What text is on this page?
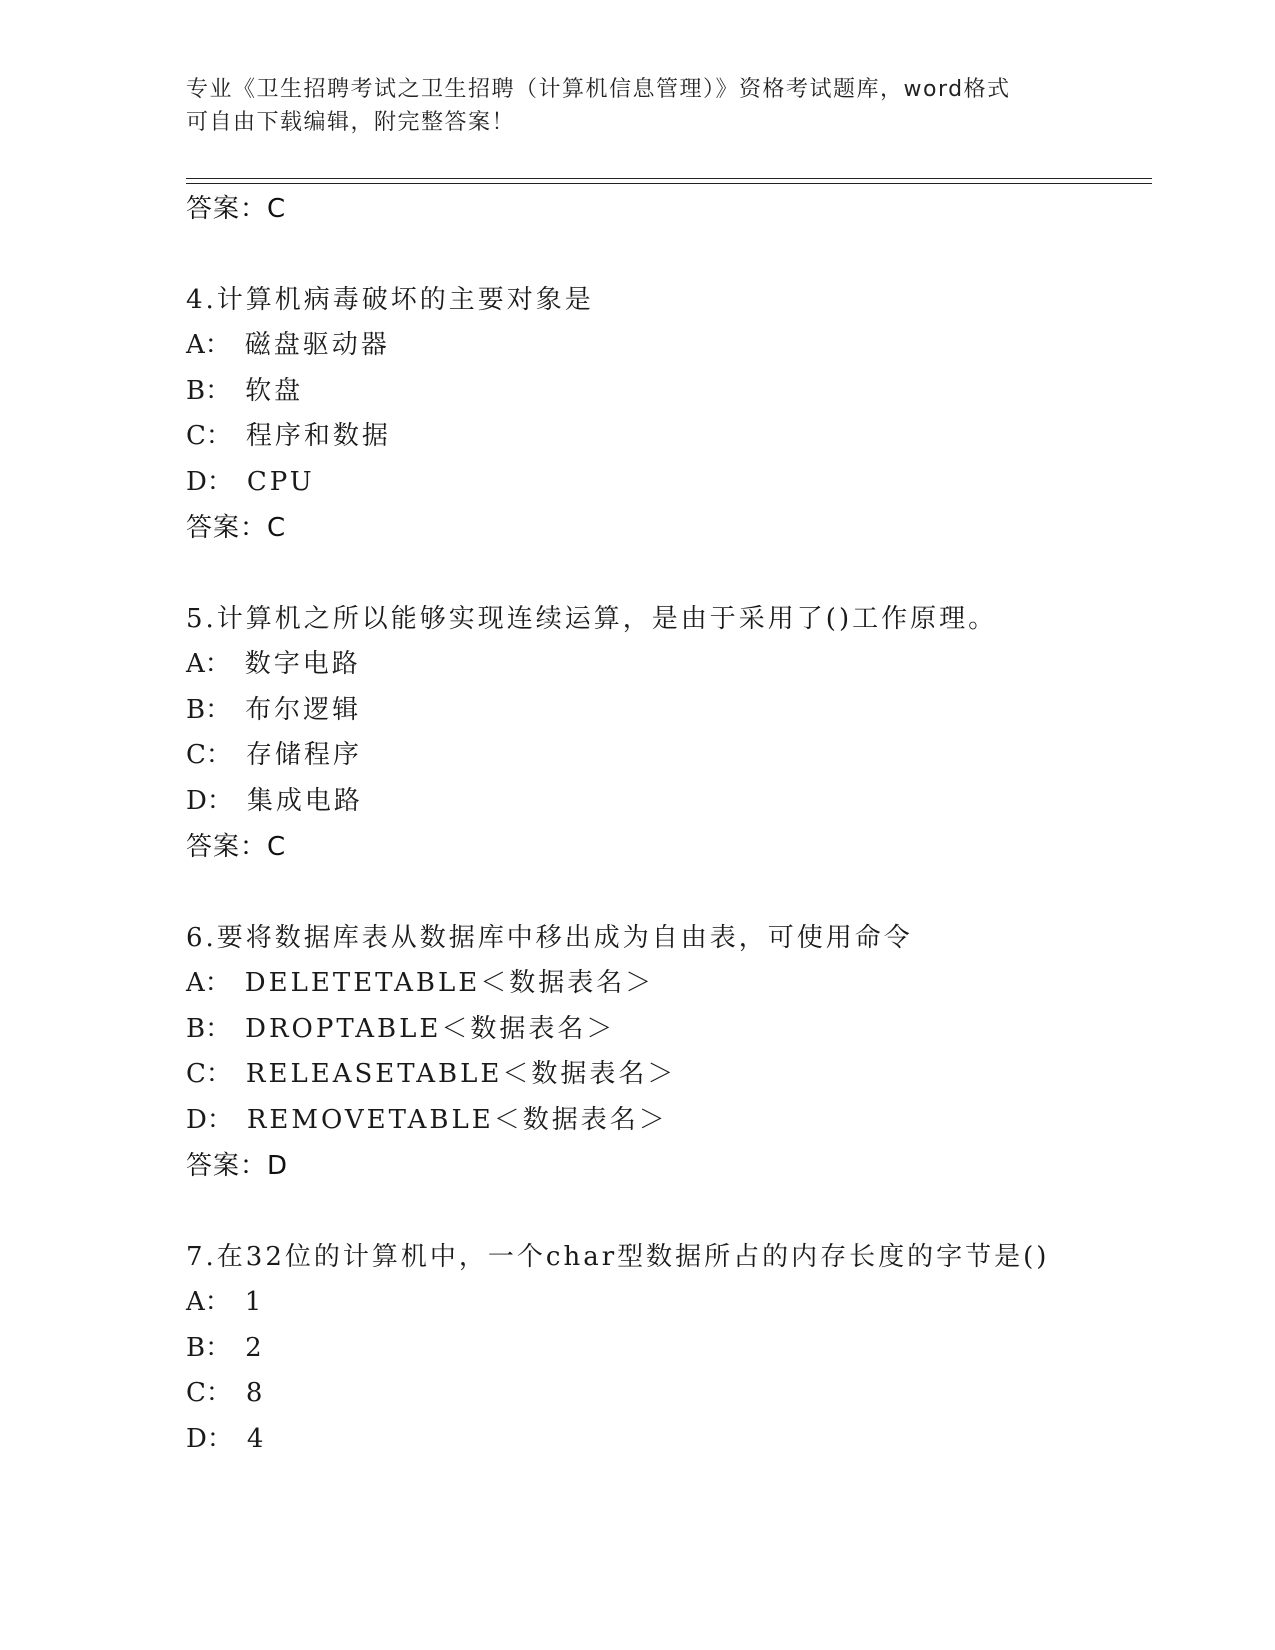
专业《卫生招聘考试之卫生招聘（计算机信息管理）》资格考试题库，word格式
可自由下载编辑，附完整答案！
答案：C
4.计算机病毒破坏的主要对象是
A： 磁盘驱动器
B： 软盘
C： 程序和数据
D： CPU
答案：C
5.计算机之所以能够实现连续运算，是由于采用了()工作原理。
A： 数字电路
B： 布尔逻辑
C： 存储程序
D： 集成电路
答案：C
6.要将数据库表从数据库中移出成为自由表，可使用命令
A： DELETETABLE＜数据表名＞
B： DROPTABLE＜数据表名＞
C： RELEASETABLE＜数据表名＞
D： REMOVETABLE＜数据表名＞
答案：D
7.在32位的计算机中，一个char型数据所占的内存长度的字节是()
A： 1
B： 2
C： 8
D： 4
